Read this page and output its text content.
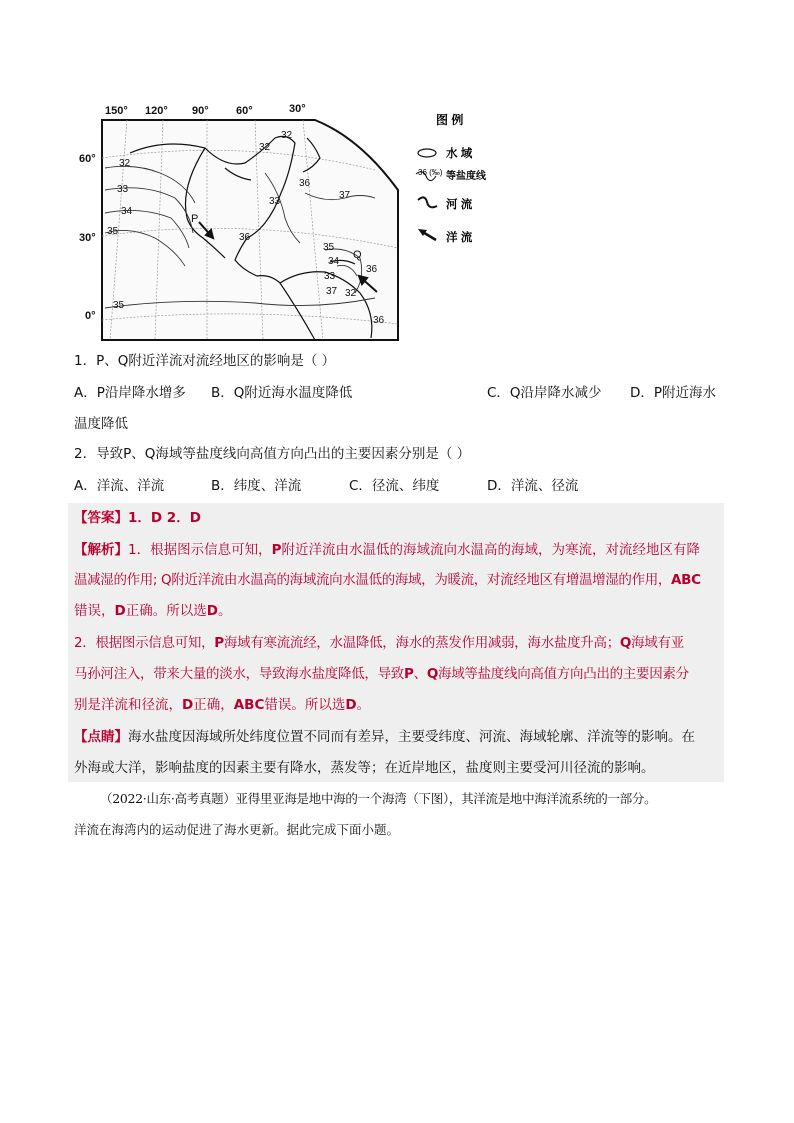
150° 120° 90° 60°	30°
60°
30°
0°
32
33
34
35
35
32
32
33
36
37
36
35
34
33
32
36
36
37
P
Q
图 例
水 域
36 (‰) 等盐度线
河 流
洋 流
1．P、Q附近洋流对流经地区的影响是（ ）
A．P沿岸降水增多 B．Q附近海水温度降低	C．Q沿岸降水减少 D．P附近海水
温度降低
2．导致P、Q海域等盐度线向高值方向凸出的主要因素分别是（ ）
A．洋流、洋流	B．纬度、洋流	C．径流、纬度	D．洋流、径流
【答案】1．D 2．D
【解析】1．根据图示信息可知，P附近洋流由水温低的海域流向水温高的海域，为寒流，对流经地区有降
温减湿的作用; Q附近洋流由水温高的海域流向水温低的海域，为暖流，对流经地区有增温增湿的作用，ABC
错误，D正确。所以选D。
2．根据图示信息可知，P海域有寒流流经，水温降低，海水的蒸发作用减弱，海水盐度升高；Q海域有亚
马孙河注入，带来大量的淡水，导致海水盐度降低，导致P、Q海域等盐度线向高值方向凸出的主要因素分
别是洋流和径流，D正确，ABC错误。所以选D。
【点睛】海水盐度因海域所处纬度位置不同而有差异，主要受纬度、河流、海域轮廓、洋流等的影响。在
外海或大洋，影响盐度的因素主要有降水，蒸发等；在近岸地区，盐度则主要受河川径流的影响。
（2022·山东·高考真题）亚得里亚海是地中海的一个海湾（下图），其洋流是地中海洋流系统的一部分。
洋流在海湾内的运动促进了海水更新。据此完成下面小题。
